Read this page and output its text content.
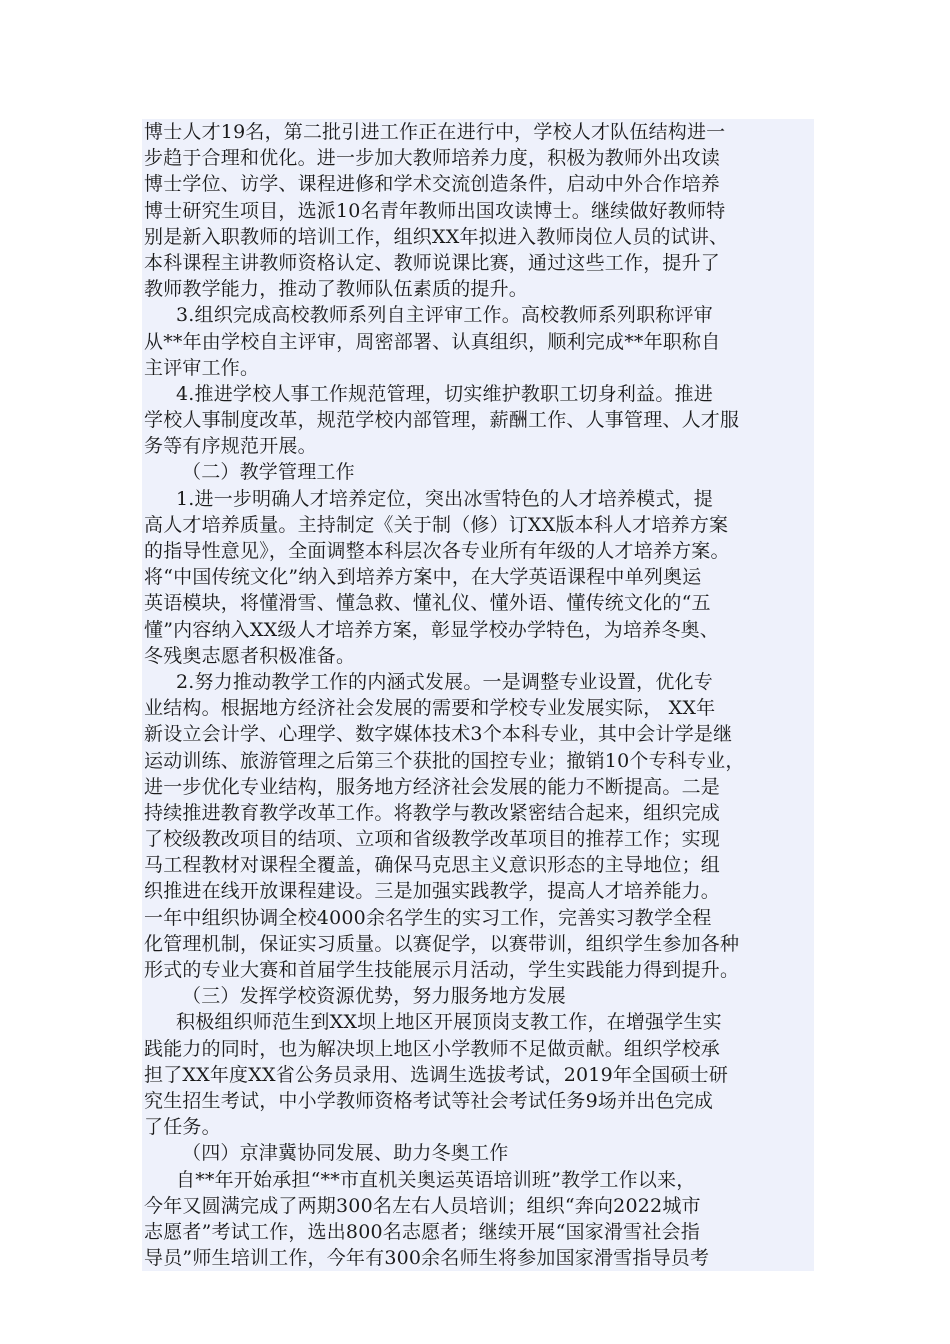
博士人才19名，第二批引进工作正在进行中，学校人才队伍结构进一

步趋于合理和优化。进一步加大教师培养力度，积极为教师外出攻读

博士学位、访学、课程进修和学术交流创造条件，启动中外合作培养

博士研究生项目，选派10名青年教师出国攻读博士。继续做好教师特

别是新入职教师的培训工作，组织XX年拟进入教师岗位人员的试讲、

本科课程主讲教师资格认定、教师说课比赛，通过这些工作，提升了

教师教学能力，推动了教师队伍素质的提升。

3.组织完成高校教师系列自主评审工作。高校教师系列职称评审

从**年由学校自主评审，周密部署、认真组织，顺利完成**年职称自

主评审工作。

4.推进学校人事工作规范管理，切实维护教职工切身利益。推进

学校人事制度改革，规范学校内部管理，薪酬工作、人事管理、人才服

务等有序规范开展。

（二）教学管理工作

1.进一步明确人才培养定位，突出冰雪特色的人才培养模式，提

高人才培养质量。主持制定《关于制（修）订XX版本科人才培养方案

的指导性意见》，全面调整本科层次各专业所有年级的人才培养方案。

将“中国传统文化”纳入到培养方案中，在大学英语课程中单列奥运

英语模块，将懂滑雪、懂急救、懂礼仪、懂外语、懂传统文化的“五

懂”内容纳入XX级人才培养方案，彰显学校办学特色，为培养冬奥、

冬残奥志愿者积极准备。

2.努力推动教学工作的内涵式发展。一是调整专业设置，优化专

业结构。根据地方经济社会发展的需要和学校专业发展实际， XX年

新设立会计学、心理学、数字媒体技术3个本科专业，其中会计学是继

运动训练、旅游管理之后第三个获批的国控专业；撤销10个专科专业，

进一步优化专业结构，服务地方经济社会发展的能力不断提高。二是

持续推进教育教学改革工作。将教学与教改紧密结合起来，组织完成

了校级教改项目的结项、立项和省级教学改革项目的推荐工作；实现

马工程教材对课程全覆盖，确保马克思主义意识形态的主导地位；组

织推进在线开放课程建设。三是加强实践教学，提高人才培养能力。

一年中组织协调全校4000余名学生的实习工作，完善实习教学全程

化管理机制，保证实习质量。以赛促学，以赛带训，组织学生参加各种

形式的专业大赛和首届学生技能展示月活动，学生实践能力得到提升。

（三）发挥学校资源优势，努力服务地方发展

积极组织师范生到XX坝上地区开展顶岗支教工作，在增强学生实

践能力的同时，也为解决坝上地区小学教师不足做贡献。组织学校承

担了XX年度XX省公务员录用、选调生选拔考试，2019年全国硕士研

究生招生考试，中小学教师资格考试等社会考试任务9场并出色完成

了任务。

（四）京津冀协同发展、助力冬奥工作

自**年开始承担“**市直机关奥运英语培训班”教学工作以来，

今年又圆满完成了两期300名左右人员培训；组织“奔向2022城市

志愿者”考试工作，选出800名志愿者；继续开展“国家滑雪社会指

导员”师生培训工作，今年有300余名师生将参加国家滑雪指导员考
